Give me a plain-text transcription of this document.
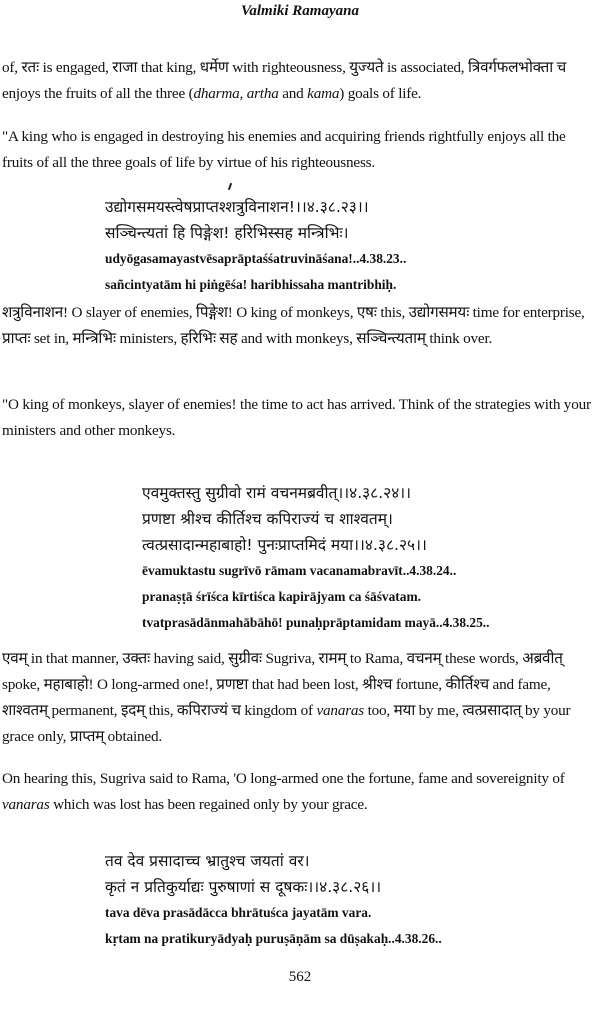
Valmiki Ramayana
of, रतः is engaged, राजा that king, धर्मेण with righteousness, युज्यते is associated, त्रिवर्गफलभोक्ता च enjoys the fruits of all the three (dharma, artha and kama) goals of life.
"A king who is engaged in destroying his enemies and acquiring friends rightfully enjoys all the fruits of all the three goals of life by virtue of his righteousness.
उद्योगसमयस्त्वेषप्राप्तश्शत्रुविनाशन!।।४.३८.२३।।
सञ्चिन्त्यतां हि पिङ्गेश! हरिभिस्सह मन्त्रिभिः।
udyōgasamayastvēsaprāptaśśatruvināśana!..4.38.23..
sañcintyatām hi piṅgēśa! haribhissaha mantribhiḥ.
शत्रुविनाशन! O slayer of enemies, पिङ्गेश! O king of monkeys, एषः this, उद्योगसमयः time for enterprise, प्राप्तः set in, मन्त्रिभिः ministers, हरिभिः सह and with monkeys, सञ्चिन्त्यताम् think over.
"O king of monkeys, slayer of enemies! the time to act has arrived. Think of the strategies with your ministers and other monkeys.
एवमुक्तस्तु सुग्रीवो रामं वचनमब्रवीत्।।४.३८.२४।।
प्रणष्टा श्रीश्च कीर्तिश्च कपिराज्यं च शाश्वतम्।
त्वत्प्रसादान्महाबाहो! पुनःप्राप्तमिदं मया।।४.३८.२५।।
ēvamuktastu sugrīvō rāmam vacanamabravīt..4.38.24..
pranaṣṭā śrīśca kīrtiśca kapirājyam ca śāśvatam.
tvatprasādānmahābāhō! punaḥprāptamidam mayā..4.38.25..
एवम् in that manner, उक्तः having said, सुग्रीवः Sugriva, रामम् to Rama, वचनम् these words, अब्रवीत् spoke, महाबाहो! O long-armed one!, प्रणष्टा that had been lost, श्रीश्च fortune, कीर्तिश्च and fame, शाश्वतम् permanent, इदम् this, कपिराज्यं च kingdom of vanaras too, मया by me, त्वत्प्रसादात् by your grace only, प्राप्तम् obtained.
On hearing this, Sugriva said to Rama, 'O long-armed one the fortune, fame and sovereignity of vanaras which was lost has been regained only by your grace.
तव देव प्रसादाच्च भ्रातुश्च जयतां वर।
कृतं न प्रतिकुर्याद्यः पुरुषाणां स दूषकः।।४.३८.२६।।
tava dēva prasādācca bhrātuśca jayatām vara.
kṛtam na pratikuryādyaḥ puruṣāṇām sa dūṣakaḥ..4.38.26..
562
